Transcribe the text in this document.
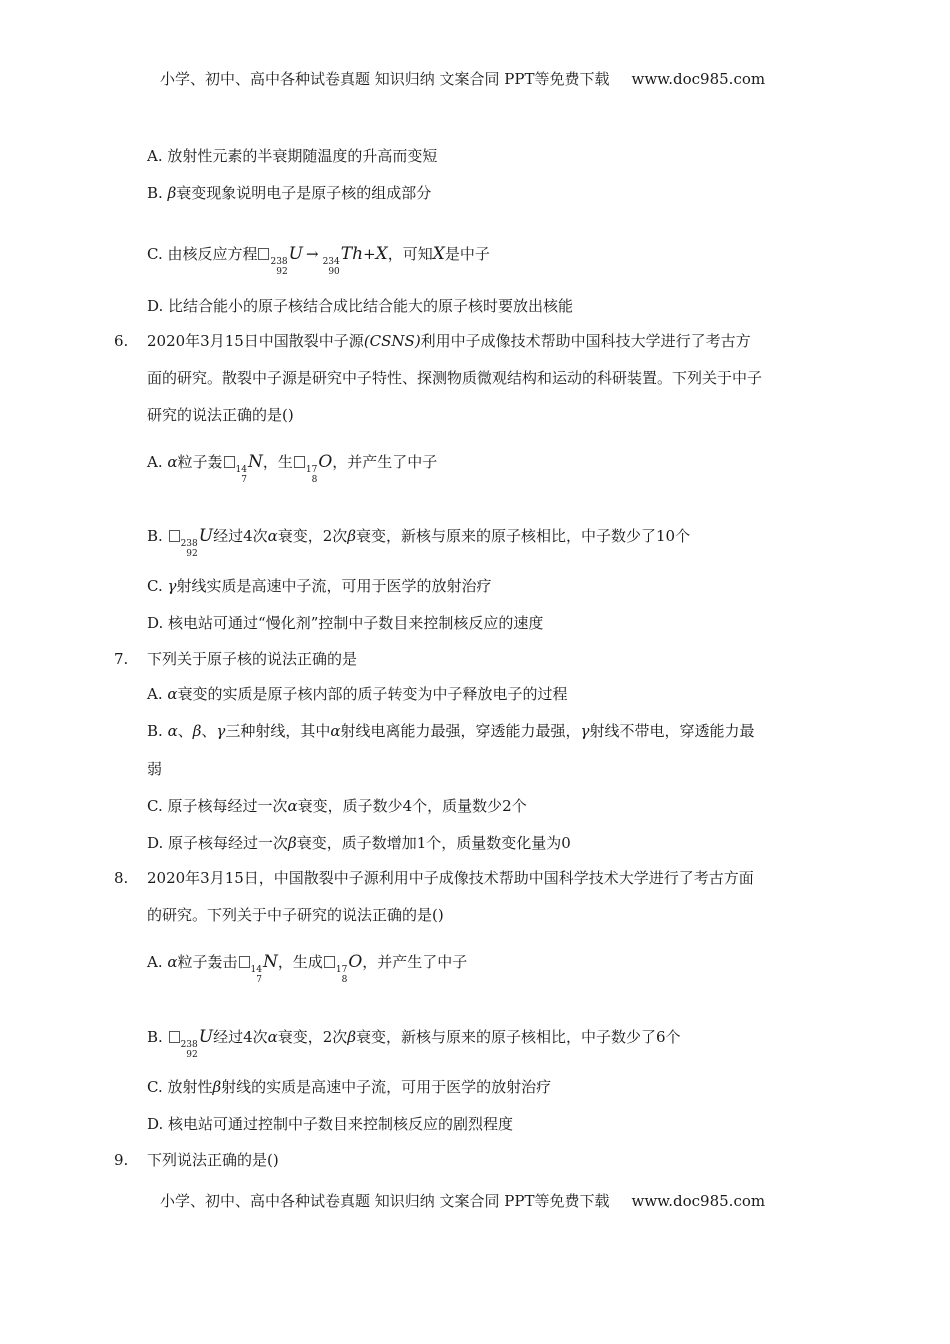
小学、初中、高中各种试卷真题 知识归纳 文案合同 PPT等免费下载 www.doc985.com
A. 放射性元素的半衰期随温度的升高而变短
B. β衰变现象说明电子是原子核的组成部分
C. 由核反应方程 238
92
U → 234
90
Th+X，可知X是中子
D. 比结合能小的原子核结合成比结合能大的原子核时要放出核能
6. 2020年3月15日中国散裂中子源(CSNS)利用中子成像技术帮助中国科技大学进行了考古方
面的研究。散裂中子源是研究中子特性、探测物质微观结构和运动的科研装置。下列关于中子
研究的说法正确的是()
A. α粒子轰 14
7
N，生 17
8
O，并产生了中子
B. 238
92
U经过4次α衰变，2次β衰变，新核与原来的原子核相比，中子数少了10个
C. γ射线实质是高速中子流，可用于医学的放射治疗
D. 核电站可通过“慢化剂”控制中子数目来控制核反应的速度
7. 下列关于原子核的说法正确的是
A. α衰变的实质是原子核内部的质子转变为中子释放电子的过程
B. α、β、γ三种射线，其中α射线电离能力最强，穿透能力最强，γ射线不带电，穿透能力最
弱
C. 原子核每经过一次α衰变，质子数少4个，质量数少2个
D. 原子核每经过一次β衰变，质子数增加1个，质量数变化量为0
8. 2020年3月15日，中国散裂中子源利用中子成像技术帮助中国科学技术大学进行了考古方面
的研究。下列关于中子研究的说法正确的是()
A. α粒子轰击 14
7
N，生成 17
8
O，并产生了中子
B. 238
92
U经过4次α衰变，2次β衰变，新核与原来的原子核相比，中子数少了6个
C. 放射性β射线的实质是高速中子流，可用于医学的放射治疗
D. 核电站可通过控制中子数目来控制核反应的剧烈程度
9. 下列说法正确的是()
小学、初中、高中各种试卷真题 知识归纳 文案合同 PPT等免费下载 www.doc985.com
